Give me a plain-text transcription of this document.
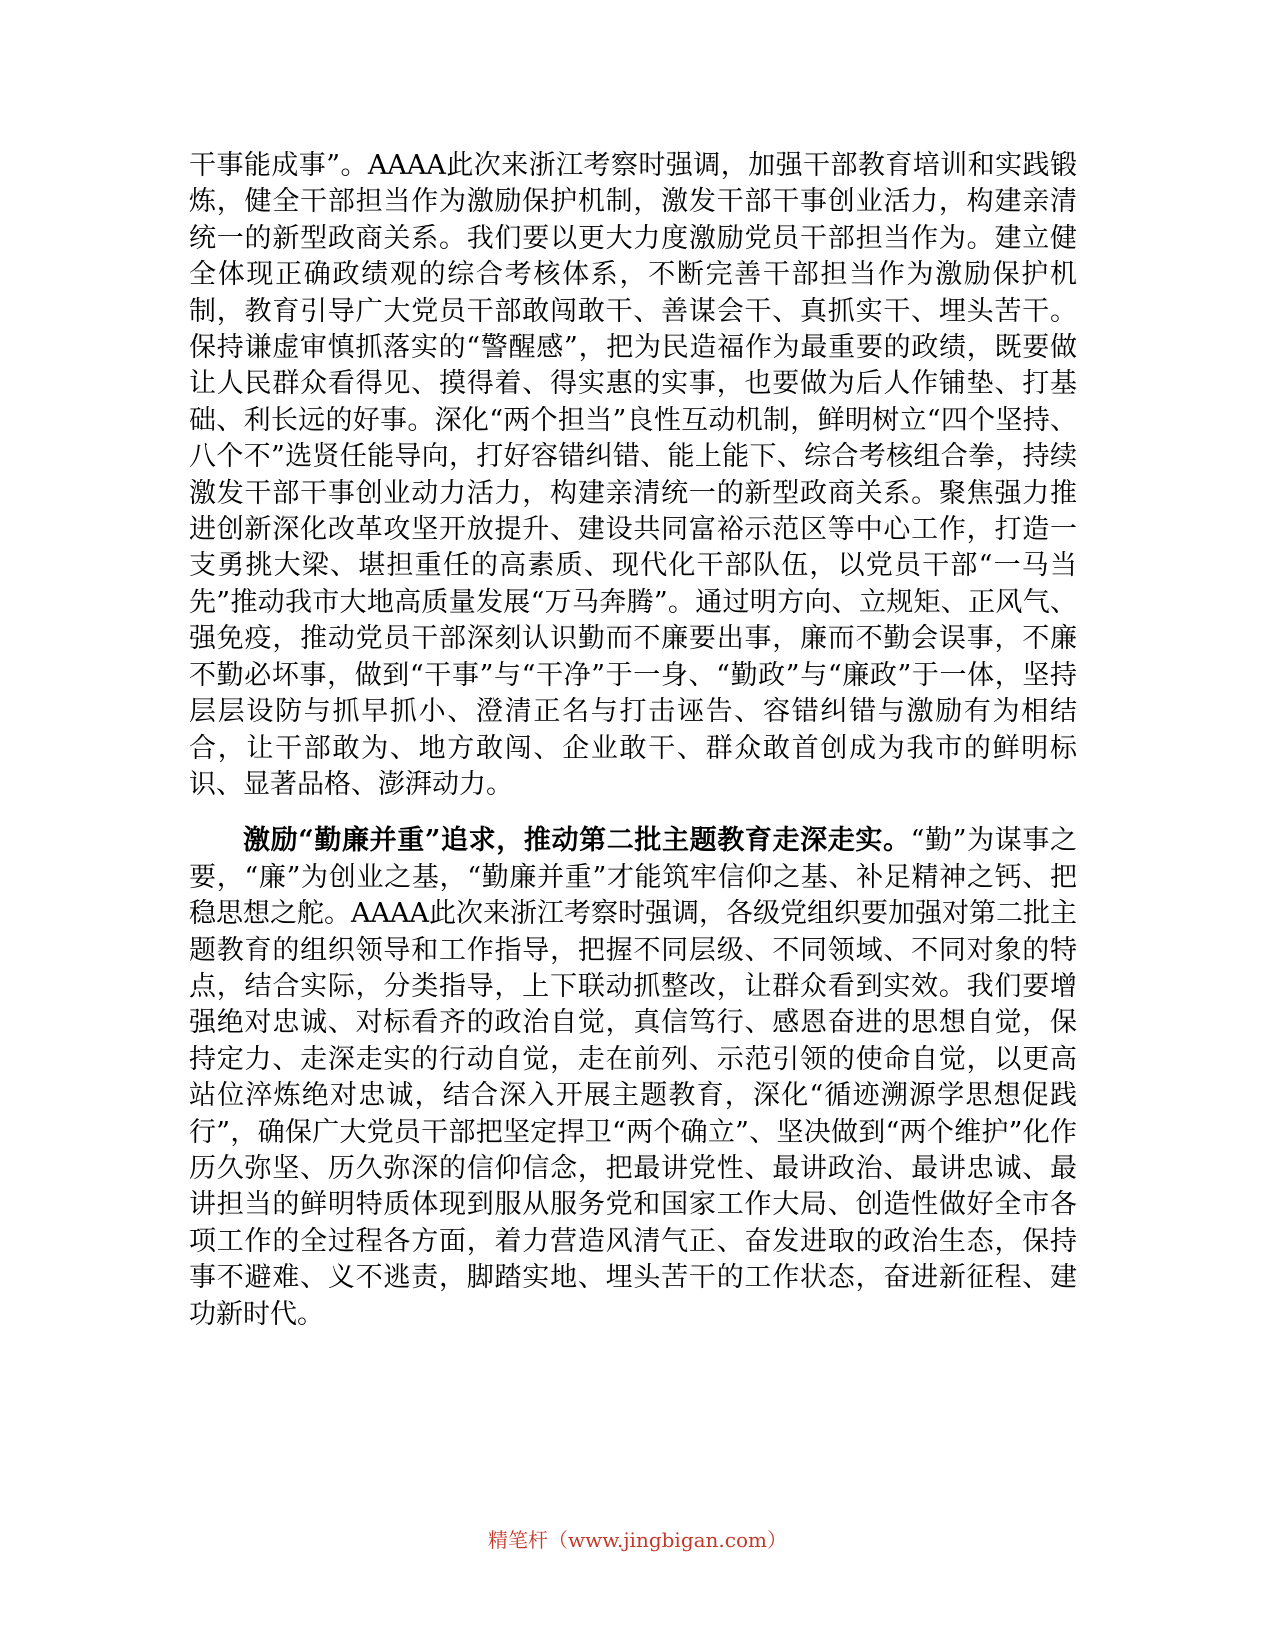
干事能成事”。AAAA此次来浙江考察时强调，加强干部教育培训和实践锻炼，健全干部担当作为激励保护机制，激发干部干事创业活力，构建亲清统一的新型政商关系。我们要以更大力度激励党员干部担当作为。建立健全体现正确政绩观的综合考核体系，不断完善干部担当作为激励保护机制，教育引导广大党员干部敢闯敢干、善谋会干、真抓实干、埋头苦干。保持谦虚审慎抓落实的“警醒感”，把为民造福作为最重要的政绩，既要做让人民群众看得见、摸得着、得实惠的实事，也要做为后人作铺垫、打基础、利长远的好事。深化“两个担当”良性互动机制，鲜明树立“四个坚持、八个不”选贤任能导向，打好容错纠错、能上能下、综合考核组合拳，持续激发干部干事创业动力活力，构建亲清统一的新型政商关系。聚焦强力推进创新深化改革攻坚开放提升、建设共同富裕示范区等中心工作，打造一支勇挑大梁、堪担重任的高素质、现代化干部队伍，以党员干部“一马当先”推动我市大地高质量发展“万马奔腾”。通过明方向、立规矩、正风气、强免疫，推动党员干部深刻认识勤而不廉要出事，廉而不勤会误事，不廉不勤必坏事，做到“干事”与“干净”于一身、“勤政”与“廉政”于一体，坚持层层设防与抓早抓小、澄清正名与打击诬告、容错纠错与激励有为相结合，让干部敢为、地方敢闯、企业敢干、群众敢首创成为我市的鲜明标识、显著品格、澎湃动力。

激励“勤廉并重”追求，推动第二批主题教育走深走实。“勤”为谋事之要，“廉”为创业之基，“勤廉并重”才能筑牢信仰之基、补足精神之钙、把稳思想之舵。AAAA此次来浙江考察时强调，各级党组织要加强对第二批主题教育的组织领导和工作指导，把握不同层级、不同领域、不同对象的特点，结合实际，分类指导，上下联动抓整改，让群众看到实效。我们要增强绝对忠诚、对标看齐的政治自觉，真信笃行、感恩奋进的思想自觉，保持定力、走深走实的行动自觉，走在前列、示范引领的使命自觉，以更高站位淬炼绝对忠诚，结合深入开展主题教育，深化“循迹溯源学思想促践行”，确保广大党员干部把坚定捍卫“两个确立”、坚决做到“两个维护”化作历久弥坚、历久弥深的信仰信念，把最讲党性、最讲政治、最讲忠诚、最讲担当的鲜明特质体现到服从服务党和国家工作大局、创造性做好全市各项工作的全过程各方面，着力营造风清气正、奋发进取的政治生态，保持事不避难、义不逃责，脚踏实地、埋头苦干的工作状态，奋进新征程、建功新时代。

精笔杆（www.jingbigan.com）
